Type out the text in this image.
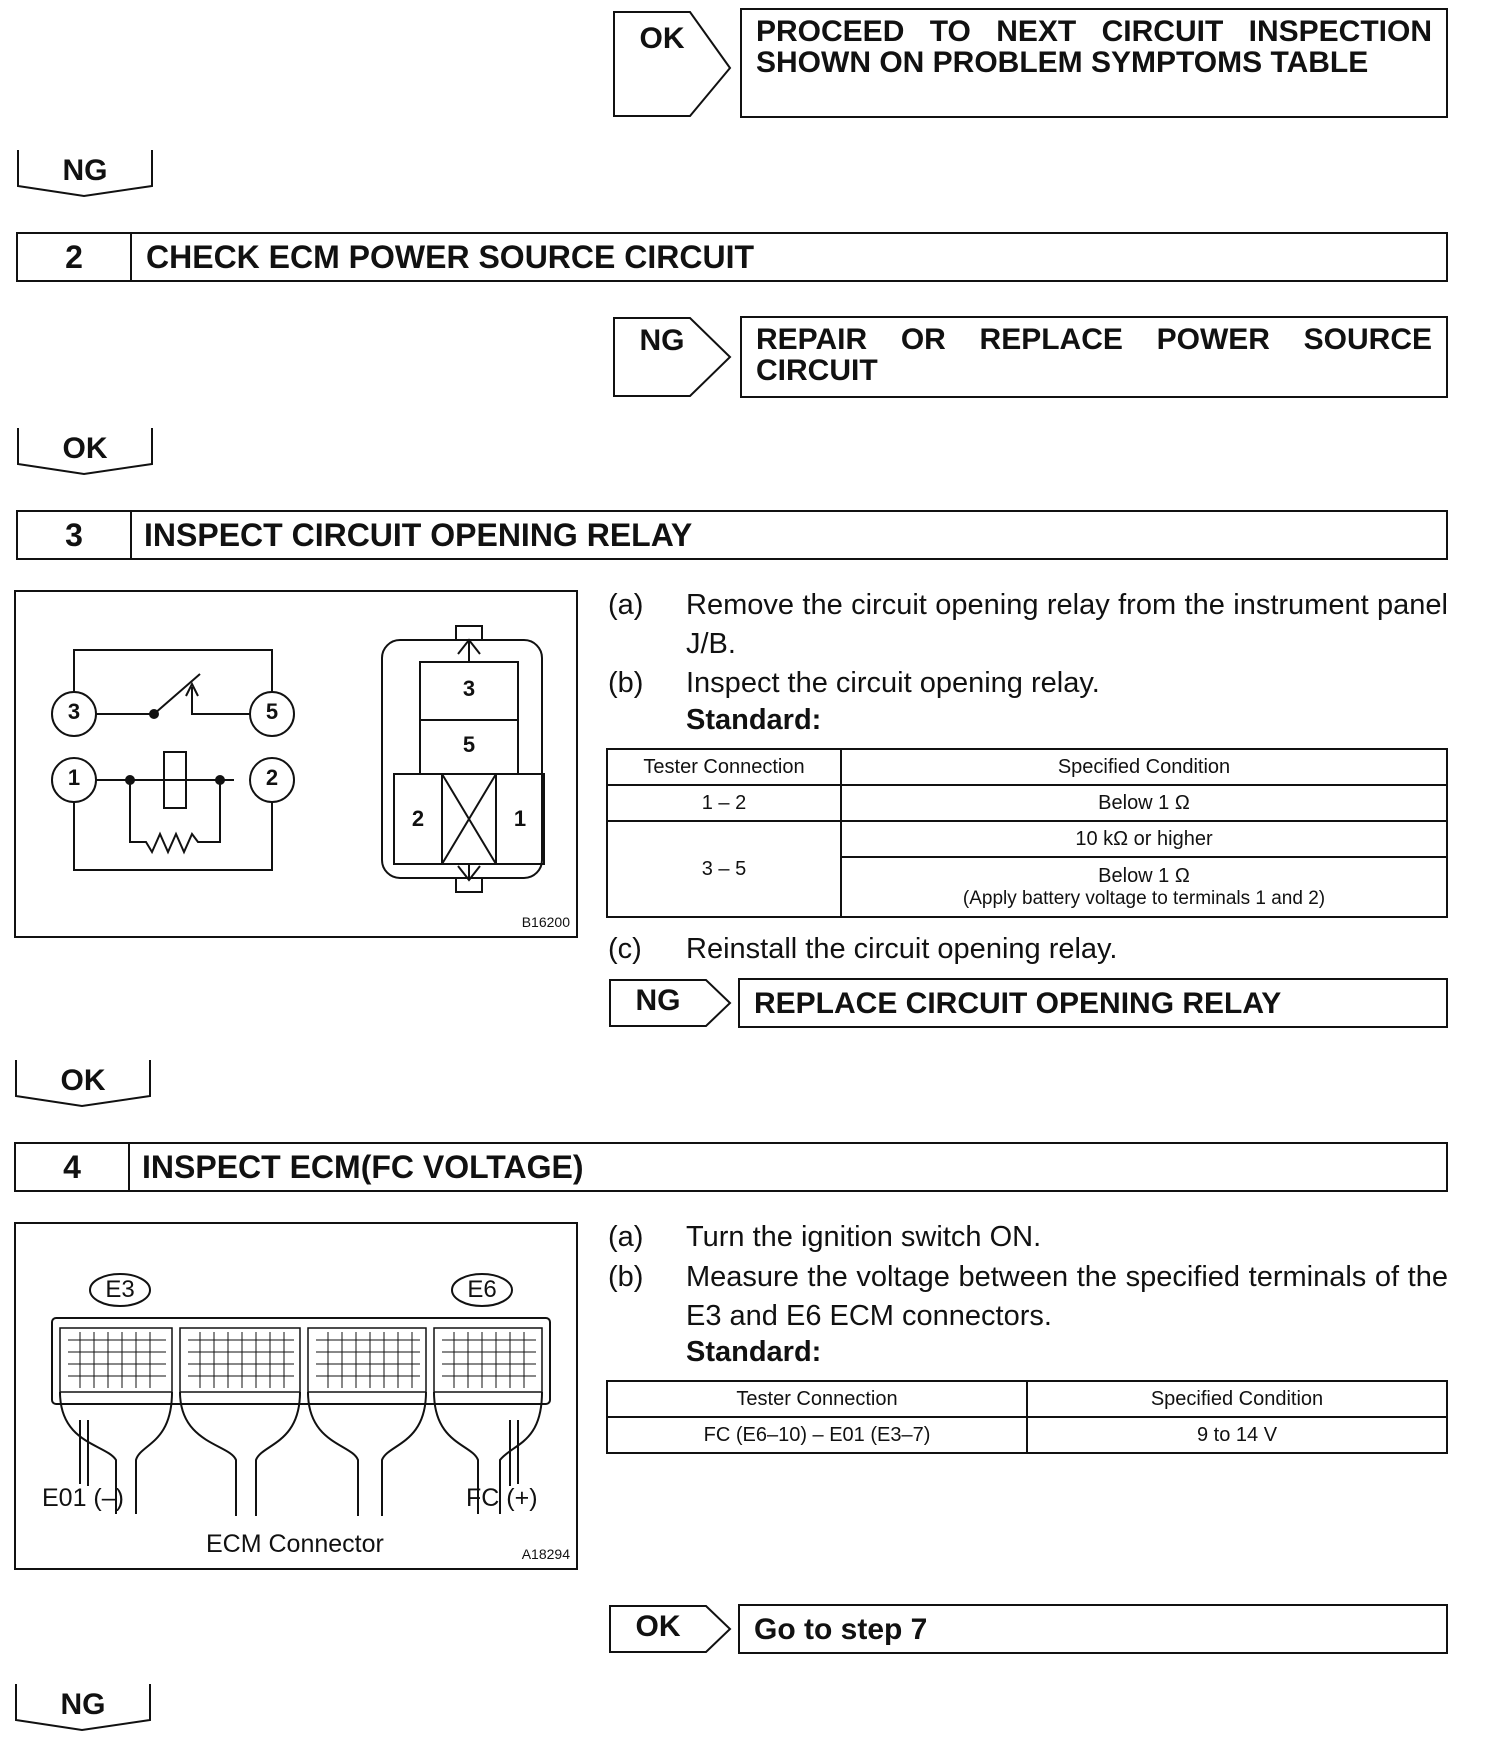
OK	PROCEED TO NEXT CIRCUIT INSPECTION SHOWN ON PROBLEM SYMPTOMS TABLE
NG
2	CHECK ECM POWER SOURCE CIRCUIT
NG	REPAIR OR REPLACE POWER SOURCE CIRCUIT
OK
3	INSPECT CIRCUIT OPENING RELAY
3	5
1	2
3
5
2	1
B16200
(a) Remove the circuit opening relay from the instrument panel J/B.
(b) Inspect the circuit opening relay.
Standard:
Tester Connection	Specified Condition
1 – 2	Below 1 Ω
3 – 5	10 kΩ or higher

	Below 1 Ω
(Apply battery voltage to terminals 1 and 2)
(c) Reinstall the circuit opening relay.
NG	REPLACE CIRCUIT OPENING RELAY
OK
4	INSPECT ECM(FC VOLTAGE)
E3	E6
E01 (–)	FC (+)
ECM Connector	A18294
(a) Turn the ignition switch ON.
(b) Measure the voltage between the specified terminals of the E3 and E6 ECM connectors.
Standard:
Tester Connection	Specified Condition
FC (E6–10) – E01 (E3–7)	9 to 14 V
OK	Go to step 7
NG
